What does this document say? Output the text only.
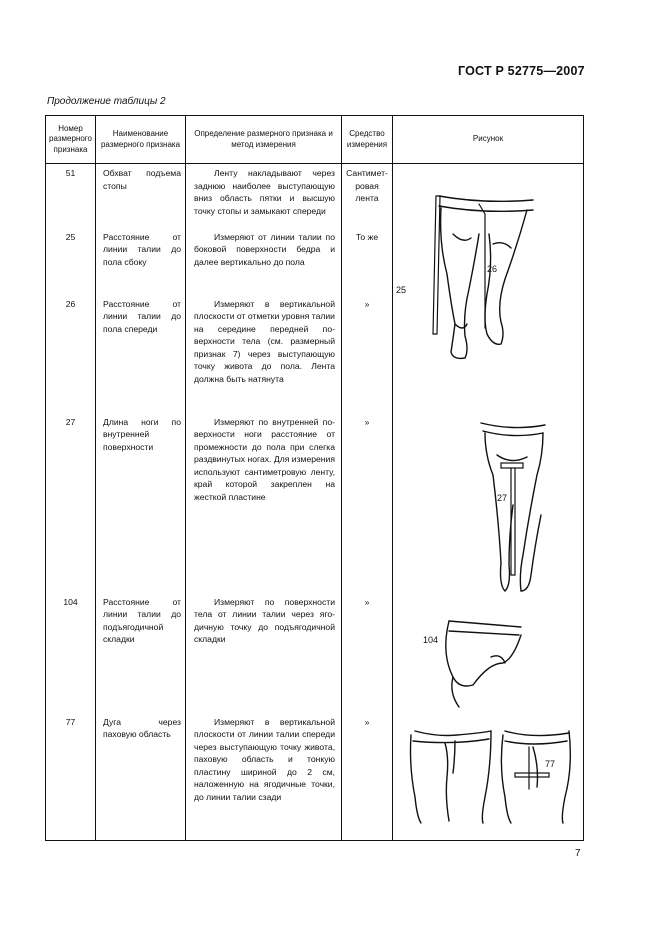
ГОСТ Р 52775—2007
Продолжение таблицы 2
Номер размерного признака	Наименование размерного признака	Определение размерного признака и метод измерения	Средство измерения	Рисунок
51	Обхват подъема стопы	Ленту накладывают через заднюю наиболее выступающую вниз область пятки и высшую точку стопы и замыкают спереди	Сантиметровая лента	25
26

25	Расстояние от линии талии до пола сбоку	Измеряют от линии талии по боковой поверхности бедра и далее вертикально до пола	То же	
26	Расстояние от линии талии до пола спереди	Измеряют в вертикальной плоскости от отметки уровня талии на середине передней поверхности тела (см. размерный признак 7) через выступающую точку живота до пола. Лента должна быть натянута	»	
27	Длина ноги по внутренней поверхности	Измеряют по внутренней поверхности ноги расстояние от промежности до пола при слегка раздвинутых ногах. Для измерения используют сантиметровую ленту, край которой закреплен на жесткой пластине	»	27

104	Расстояние от линии талии до подъягодичной складки	Измеряют по поверхности тела от линии талии через ягодичную точку до подъягодичной складки	»	104

77	Дуга через паховую область	Измеряют в вертикальной плоскости от линии талии спереди через выступающую точку живота, паховую область и тонкую пластину шириной до 2 см, наложенную на ягодичные точки, до линии талии сзади	»	77
7
